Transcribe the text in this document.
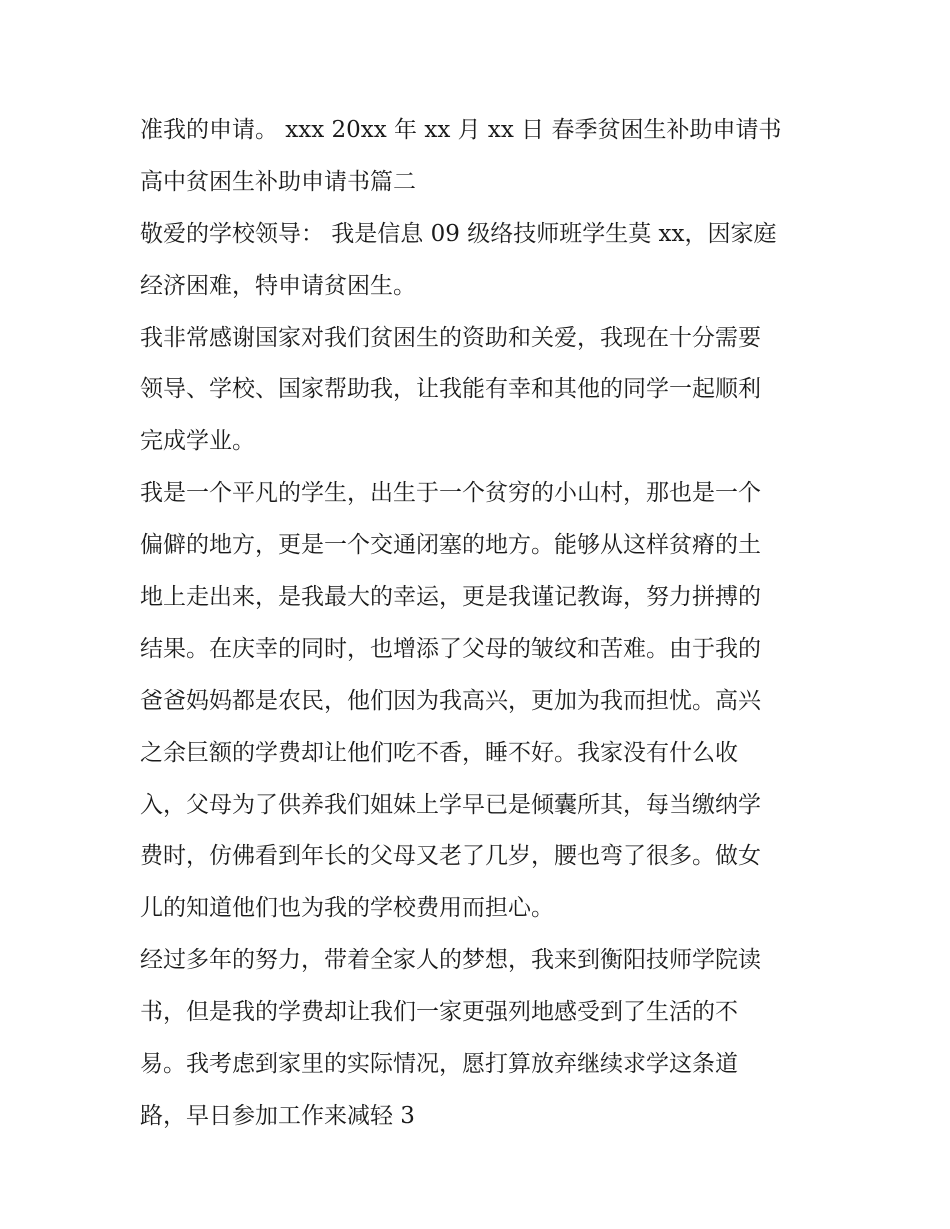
准我的申请。 xxx 20xx 年 xx 月 xx 日 春季贫困生补助申请书
高中贫困生补助申请书篇二
敬爱的学校领导： 我是信息 09 级络技师班学生莫 xx，因家庭
经济困难，特申请贫困生。
我非常感谢国家对我们贫困生的资助和关爱，我现在十分需要
领导、学校、国家帮助我，让我能有幸和其他的同学一起顺利
完成学业。
我是一个平凡的学生，出生于一个贫穷的小山村，那也是一个
偏僻的地方，更是一个交通闭塞的地方。能够从这样贫瘠的土
地上走出来，是我最大的幸运，更是我谨记教诲，努力拼搏的
结果。在庆幸的同时，也增添了父母的皱纹和苦难。由于我的
爸爸妈妈都是农民，他们因为我高兴，更加为我而担忧。高兴
之余巨额的学费却让他们吃不香，睡不好。我家没有什么收
入，父母为了供养我们姐妹上学早已是倾囊所其，每当缴纳学
费时，仿佛看到年长的父母又老了几岁，腰也弯了很多。做女
儿的知道他们也为我的学校费用而担心。
经过多年的努力，带着全家人的梦想，我来到衡阳技师学院读
书，但是我的学费却让我们一家更强列地感受到了生活的不
易。我考虑到家里的实际情况，愿打算放弃继续求学这条道
路，早日参加工作来减轻 3
